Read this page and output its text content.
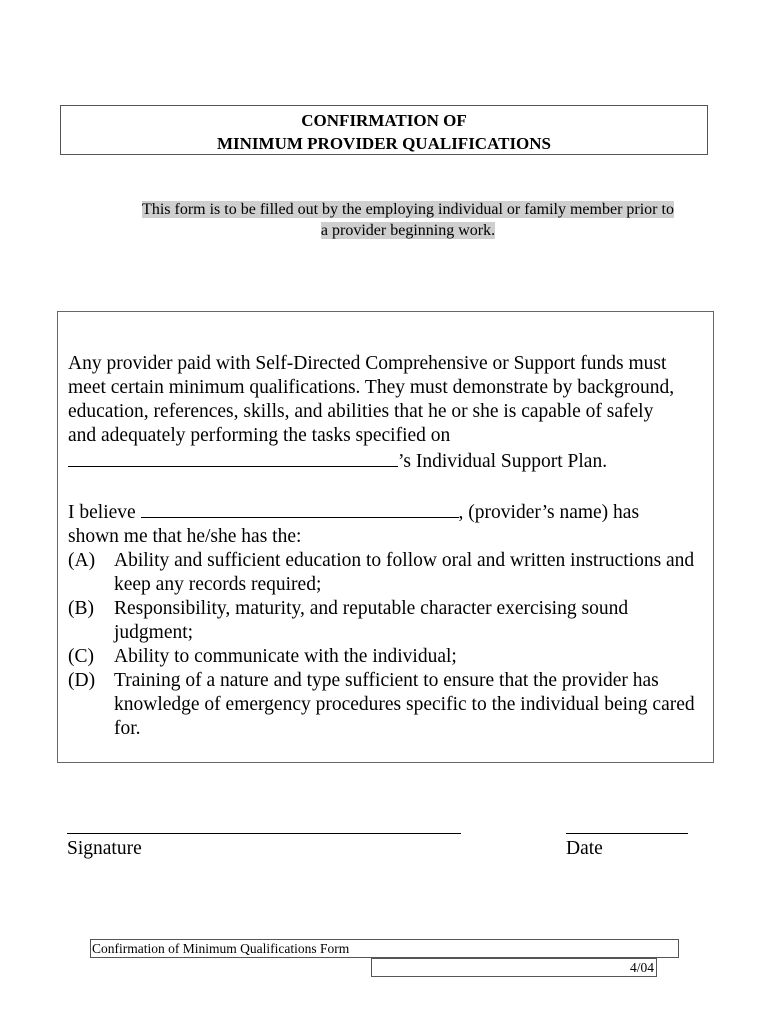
CONFIRMATION OF
MINIMUM PROVIDER QUALIFICATIONS
This form is to be filled out by the employing individual or family member prior to
a provider beginning work.
Any provider paid with Self-Directed Comprehensive or Support funds must
meet certain minimum qualifications. They must demonstrate by background,
education, references, skills, and abilities that he or she is capable of safely
and adequately performing the tasks specified on
’s Individual Support Plan.
I believe	, (provider’s name) has
shown me that he/she has the:
(A) Ability and sufficient education to follow oral and written instructions and keep any records required;
(B) Responsibility, maturity, and reputable character exercising sound judgment;
(C) Ability to communicate with the individual;
(D) Training of a nature and type sufficient to ensure that the provider has knowledge of emergency procedures specific to the individual being cared for.
Signature	Date
Confirmation of Minimum Qualifications Form
4/04
